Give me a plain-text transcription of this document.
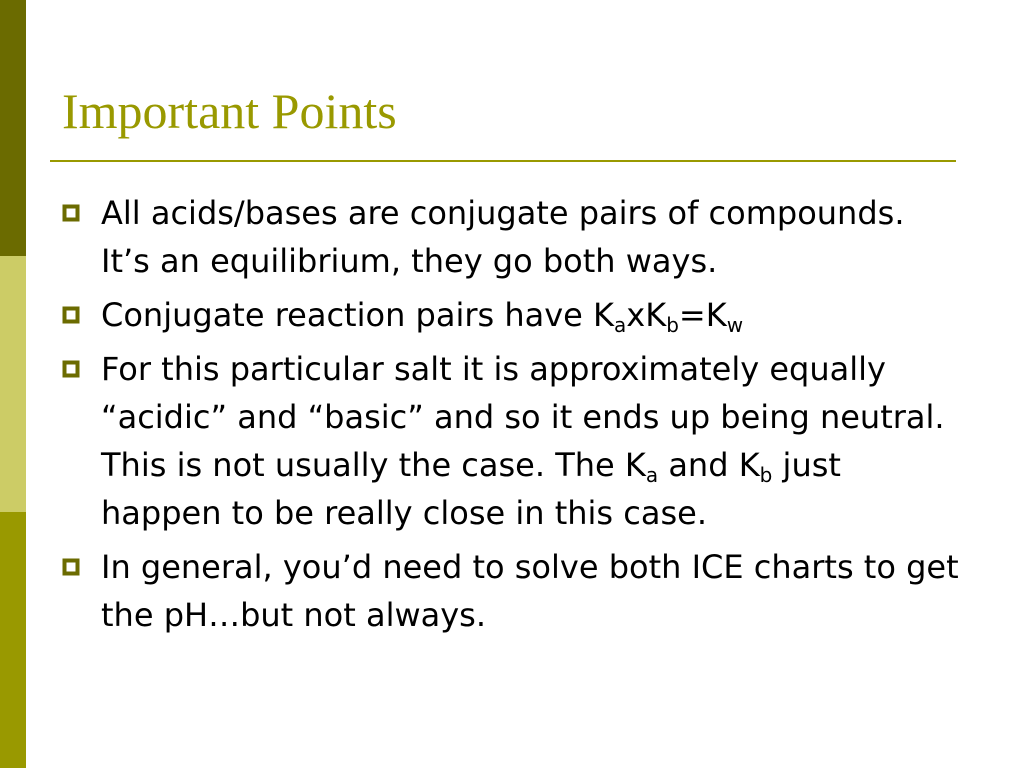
Important Points
All acids/bases are conjugate pairs of compounds. It’s an equilibrium, they go both ways.
Conjugate reaction pairs have $K_axK_b=K_w$
For this particular salt it is approximately equally “acidic” and “basic” and so it ends up being neutral. This is not usually the case. The $K_a$ and $K_b$ just happen to be really close in this case.
In general, you’d need to solve both ICE charts to get the pH…but not always.
